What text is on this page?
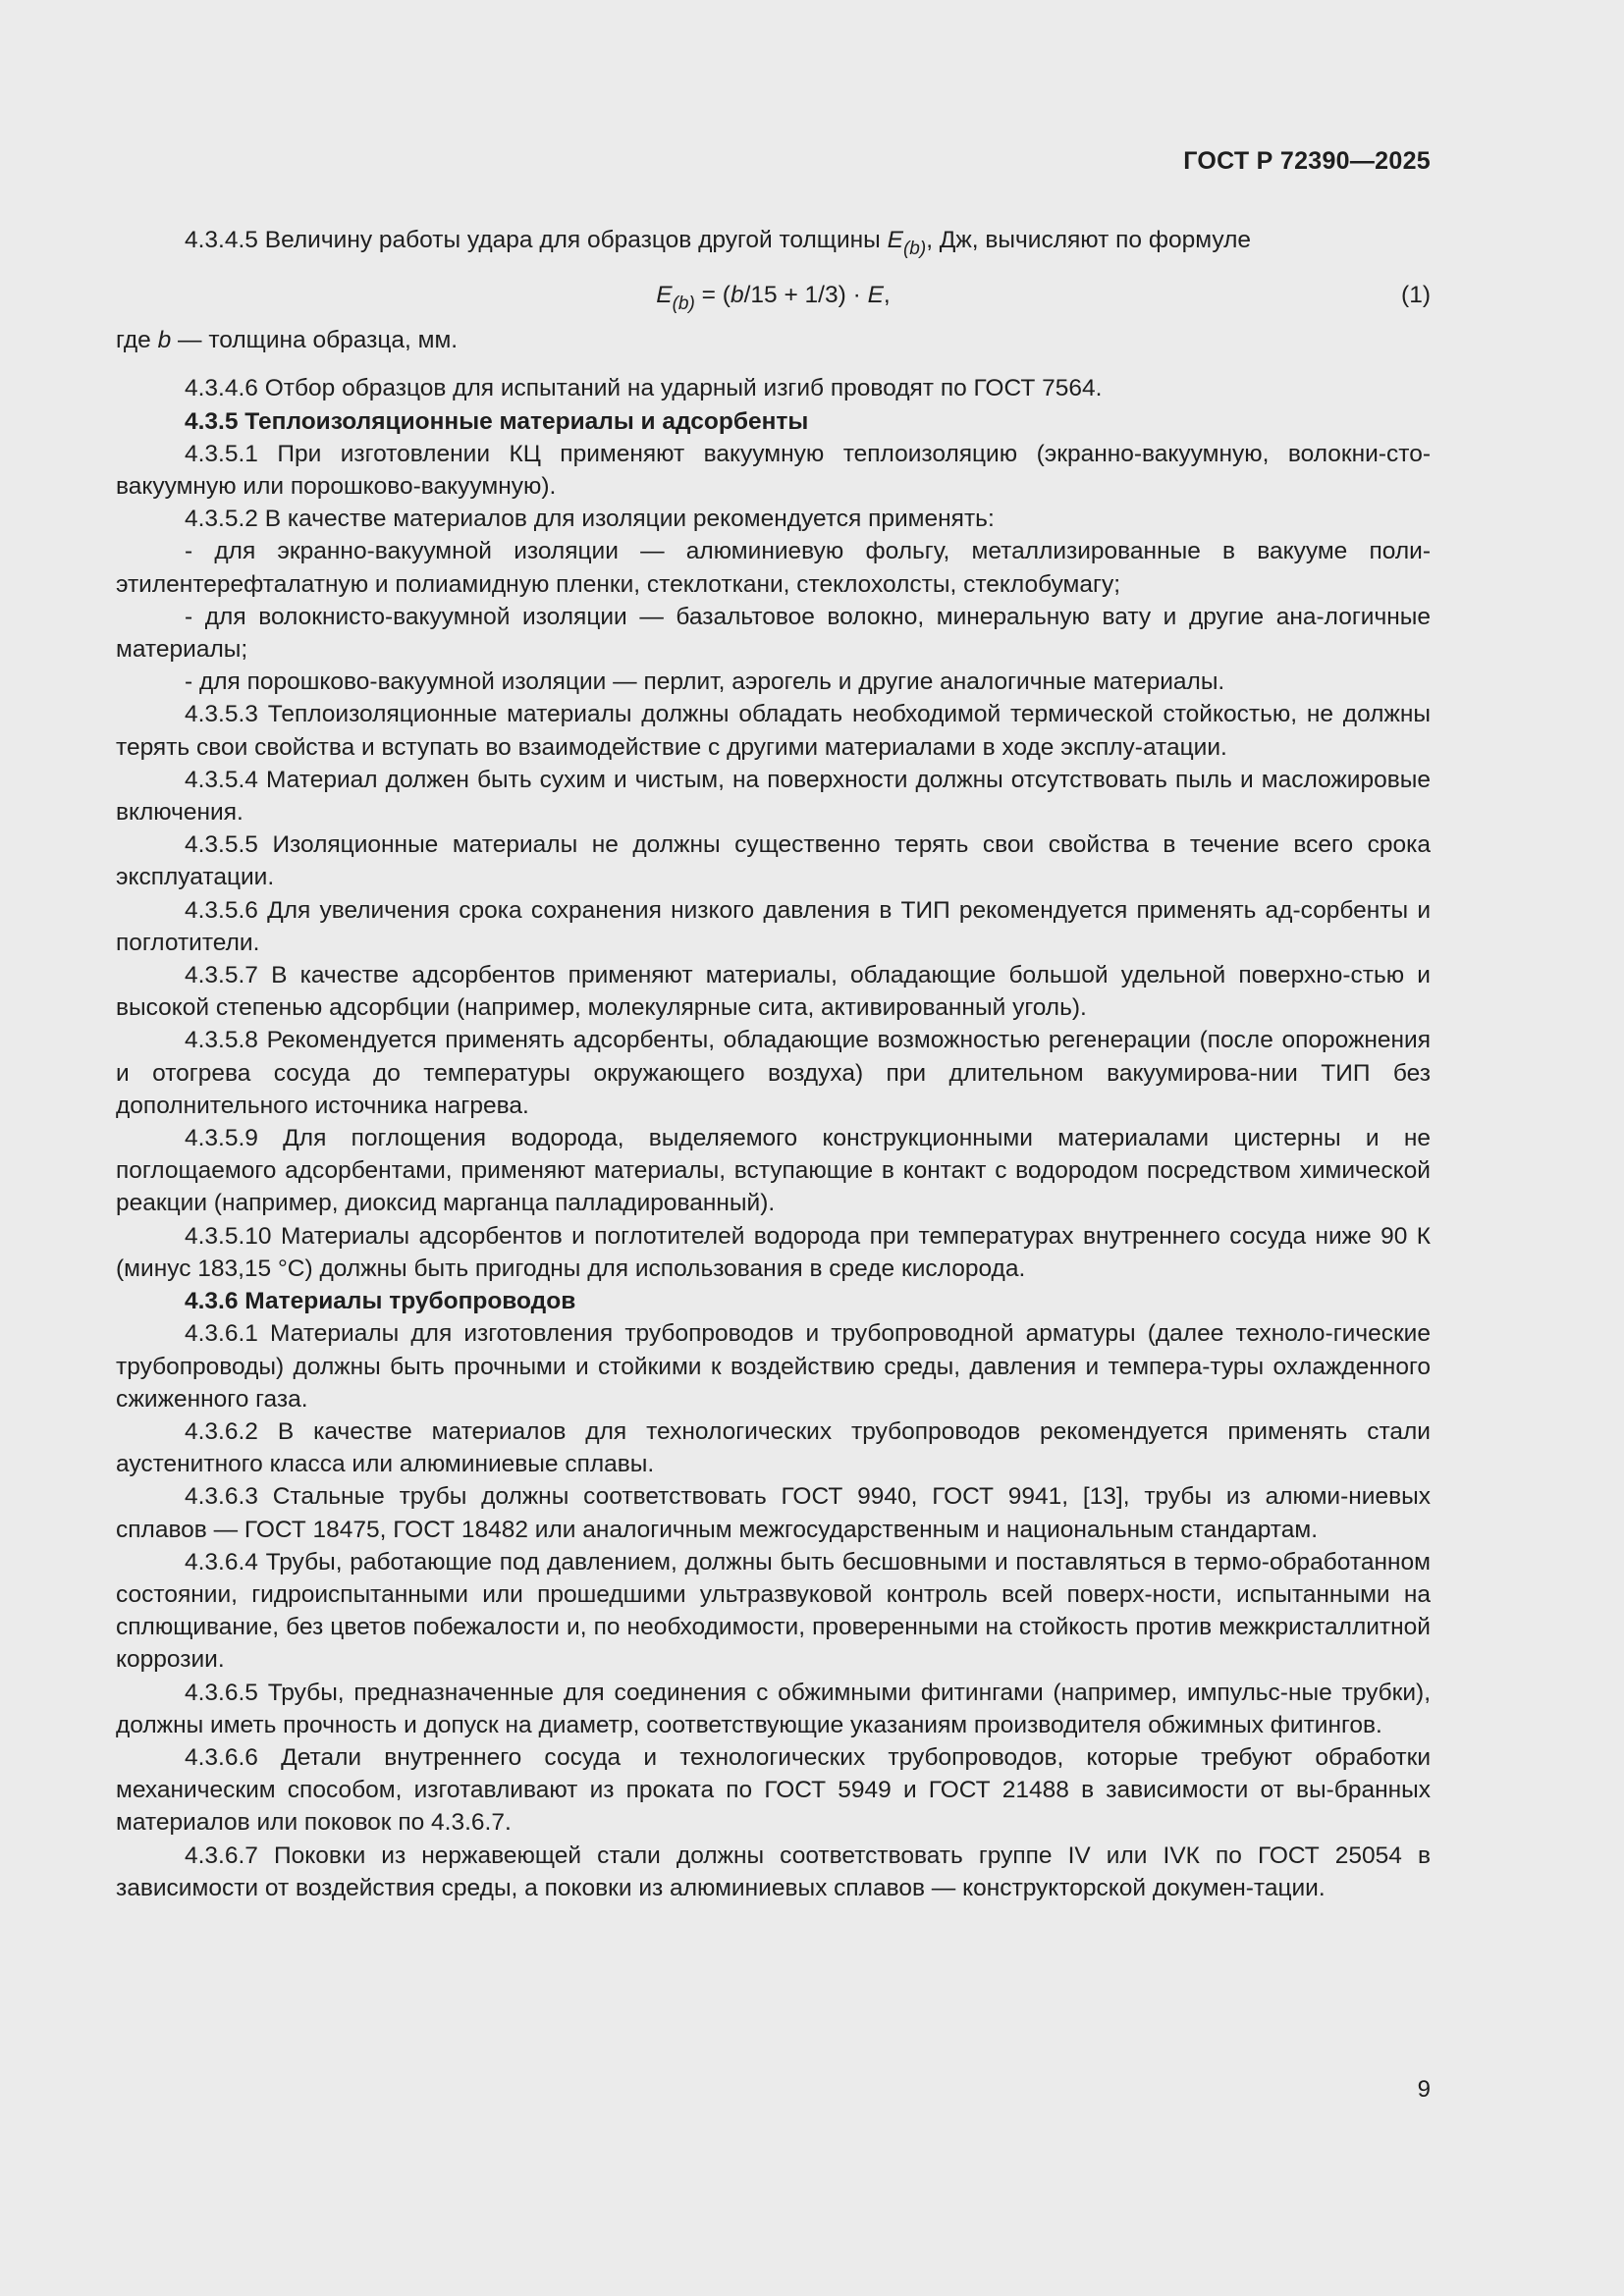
ГОСТ Р 72390—2025

4.3.4.5 Величину работы удара для образцов другой толщины $E_{(b)}$, Дж, вычисляют по формуле

$E_{(b)} = (b/15 + 1/3) \cdot E$,	(1)

где b — толщина образца, мм.

4.3.4.6 Отбор образцов для испытаний на ударный изгиб проводят по ГОСТ 7564.

4.3.5 Теплоизоляционные материалы и адсорбенты

4.3.5.1 При изготовлении КЦ применяют вакуумную теплоизоляцию (экранно-вакуумную, волокни-сто-вакуумную или порошково-вакуумную).

4.3.5.2 В качестве материалов для изоляции рекомендуется применять:

- для экранно-вакуумной изоляции — алюминиевую фольгу, металлизированные в вакууме поли-этилентерефталатную и полиамидную пленки, стеклоткани, стеклохолсты, стеклобумагу;

- для волокнисто-вакуумной изоляции — базальтовое волокно, минеральную вату и другие ана-логичные материалы;

- для порошково-вакуумной изоляции — перлит, аэрогель и другие аналогичные материалы.

4.3.5.3 Теплоизоляционные материалы должны обладать необходимой термической стойкостью, не должны терять свои свойства и вступать во взаимодействие с другими материалами в ходе эксплу-атации.

4.3.5.4 Материал должен быть сухим и чистым, на поверхности должны отсутствовать пыль и масложировые включения.

4.3.5.5 Изоляционные материалы не должны существенно терять свои свойства в течение всего срока эксплуатации.

4.3.5.6 Для увеличения срока сохранения низкого давления в ТИП рекомендуется применять ад-сорбенты и поглотители.

4.3.5.7 В качестве адсорбентов применяют материалы, обладающие большой удельной поверхно-стью и высокой степенью адсорбции (например, молекулярные сита, активированный уголь).

4.3.5.8 Рекомендуется применять адсорбенты, обладающие возможностью регенерации (после опорожнения и отогрева сосуда до температуры окружающего воздуха) при длительном вакуумирова-нии ТИП без дополнительного источника нагрева.

4.3.5.9 Для поглощения водорода, выделяемого конструкционными материалами цистерны и не поглощаемого адсорбентами, применяют материалы, вступающие в контакт с водородом посредством химической реакции (например, диоксид марганца палладированный).

4.3.5.10 Материалы адсорбентов и поглотителей водорода при температурах внутреннего сосуда ниже 90 К (минус 183,15 °С) должны быть пригодны для использования в среде кислорода.

4.3.6 Материалы трубопроводов

4.3.6.1 Материалы для изготовления трубопроводов и трубопроводной арматуры (далее техноло-гические трубопроводы) должны быть прочными и стойкими к воздействию среды, давления и темпера-туры охлажденного сжиженного газа.

4.3.6.2 В качестве материалов для технологических трубопроводов рекомендуется применять стали аустенитного класса или алюминиевые сплавы.

4.3.6.3 Стальные трубы должны соответствовать ГОСТ 9940, ГОСТ 9941, [13], трубы из алюми-ниевых сплавов — ГОСТ 18475, ГОСТ 18482 или аналогичным межгосударственным и национальным стандартам.

4.3.6.4 Трубы, работающие под давлением, должны быть бесшовными и поставляться в термо-обработанном состоянии, гидроиспытанными или прошедшими ультразвуковой контроль всей поверх-ности, испытанными на сплющивание, без цветов побежалости и, по необходимости, проверенными на стойкость против межкристаллитной коррозии.

4.3.6.5 Трубы, предназначенные для соединения с обжимными фитингами (например, импульс-ные трубки), должны иметь прочность и допуск на диаметр, соответствующие указаниям производителя обжимных фитингов.

4.3.6.6 Детали внутреннего сосуда и технологических трубопроводов, которые требуют обработки механическим способом, изготавливают из проката по ГОСТ 5949 и ГОСТ 21488 в зависимости от вы-бранных материалов или поковок по 4.3.6.7.

4.3.6.7 Поковки из нержавеющей стали должны соответствовать группе IV или IVК по ГОСТ 25054 в зависимости от воздействия среды, а поковки из алюминиевых сплавов — конструкторской докумен-тации.

9
